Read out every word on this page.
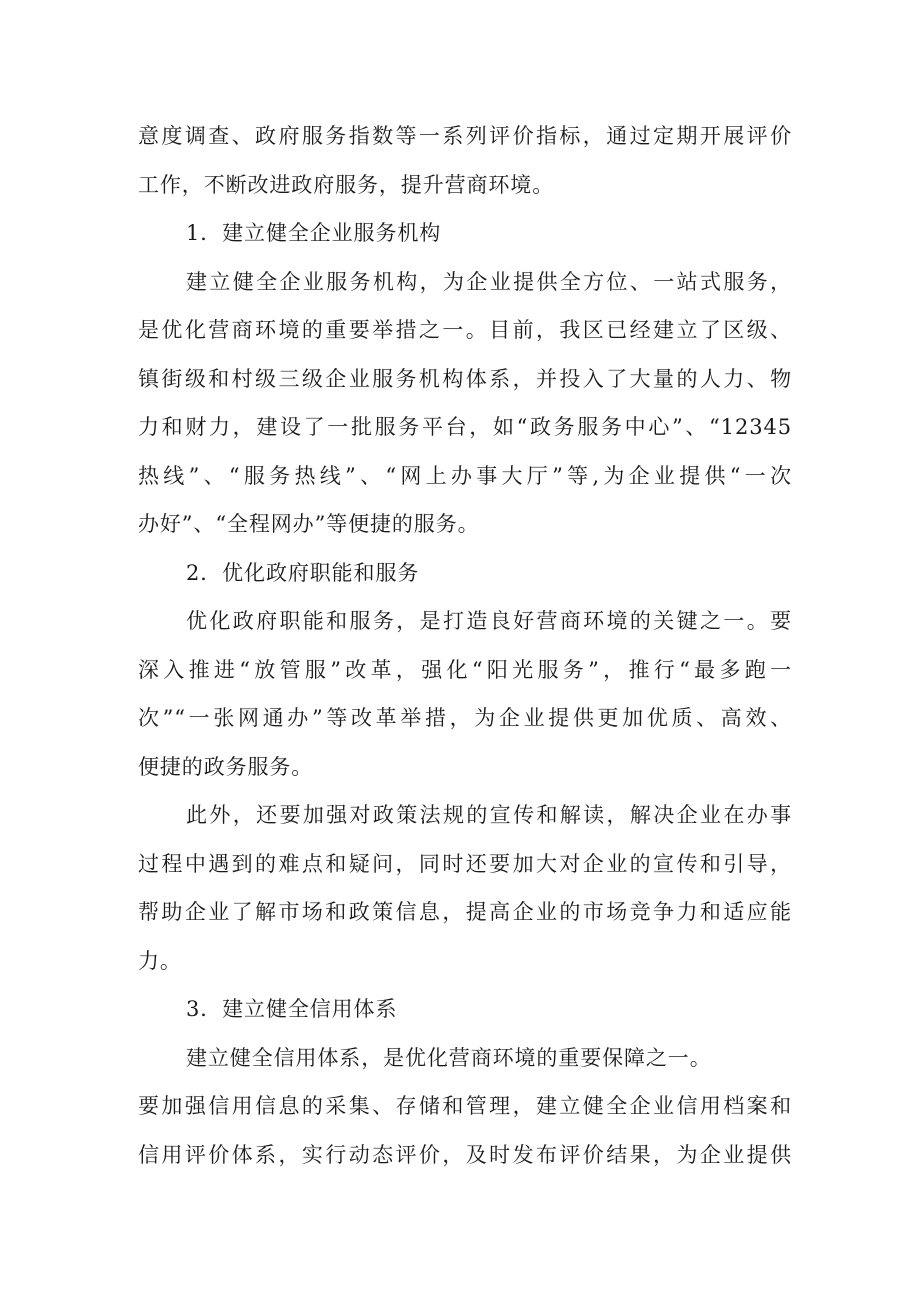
意度调查、政府服务指数等一系列评价指标，通过定期开展评价
工作，不断改进政府服务，提升营商环境。
1．建立健全企业服务机构
建立健全企业服务机构，为企业提供全方位、一站式服务，
是优化营商环境的重要举措之一。目前，我区已经建立了区级、
镇街级和村级三级企业服务机构体系，并投入了大量的人力、物
力和财力，建设了一批服务平台，如“政务服务中心”、“12345
热线”、“服务热线”、“网上办事大厅”等,为企业提供“一次
办好”、“全程网办”等便捷的服务。
2．优化政府职能和服务
优化政府职能和服务，是打造良好营商环境的关键之一。要
深入推进“放管服”改革，强化“阳光服务”，推行“最多跑一
次”“一张网通办”等改革举措，为企业提供更加优质、高效、
便捷的政务服务。
此外，还要加强对政策法规的宣传和解读，解决企业在办事
过程中遇到的难点和疑问，同时还要加大对企业的宣传和引导，
帮助企业了解市场和政策信息，提高企业的市场竞争力和适应能
力。
3．建立健全信用体系
建立健全信用体系，是优化营商环境的重要保障之一。
要加强信用信息的采集、存储和管理，建立健全企业信用档案和
信用评价体系，实行动态评价，及时发布评价结果，为企业提供
